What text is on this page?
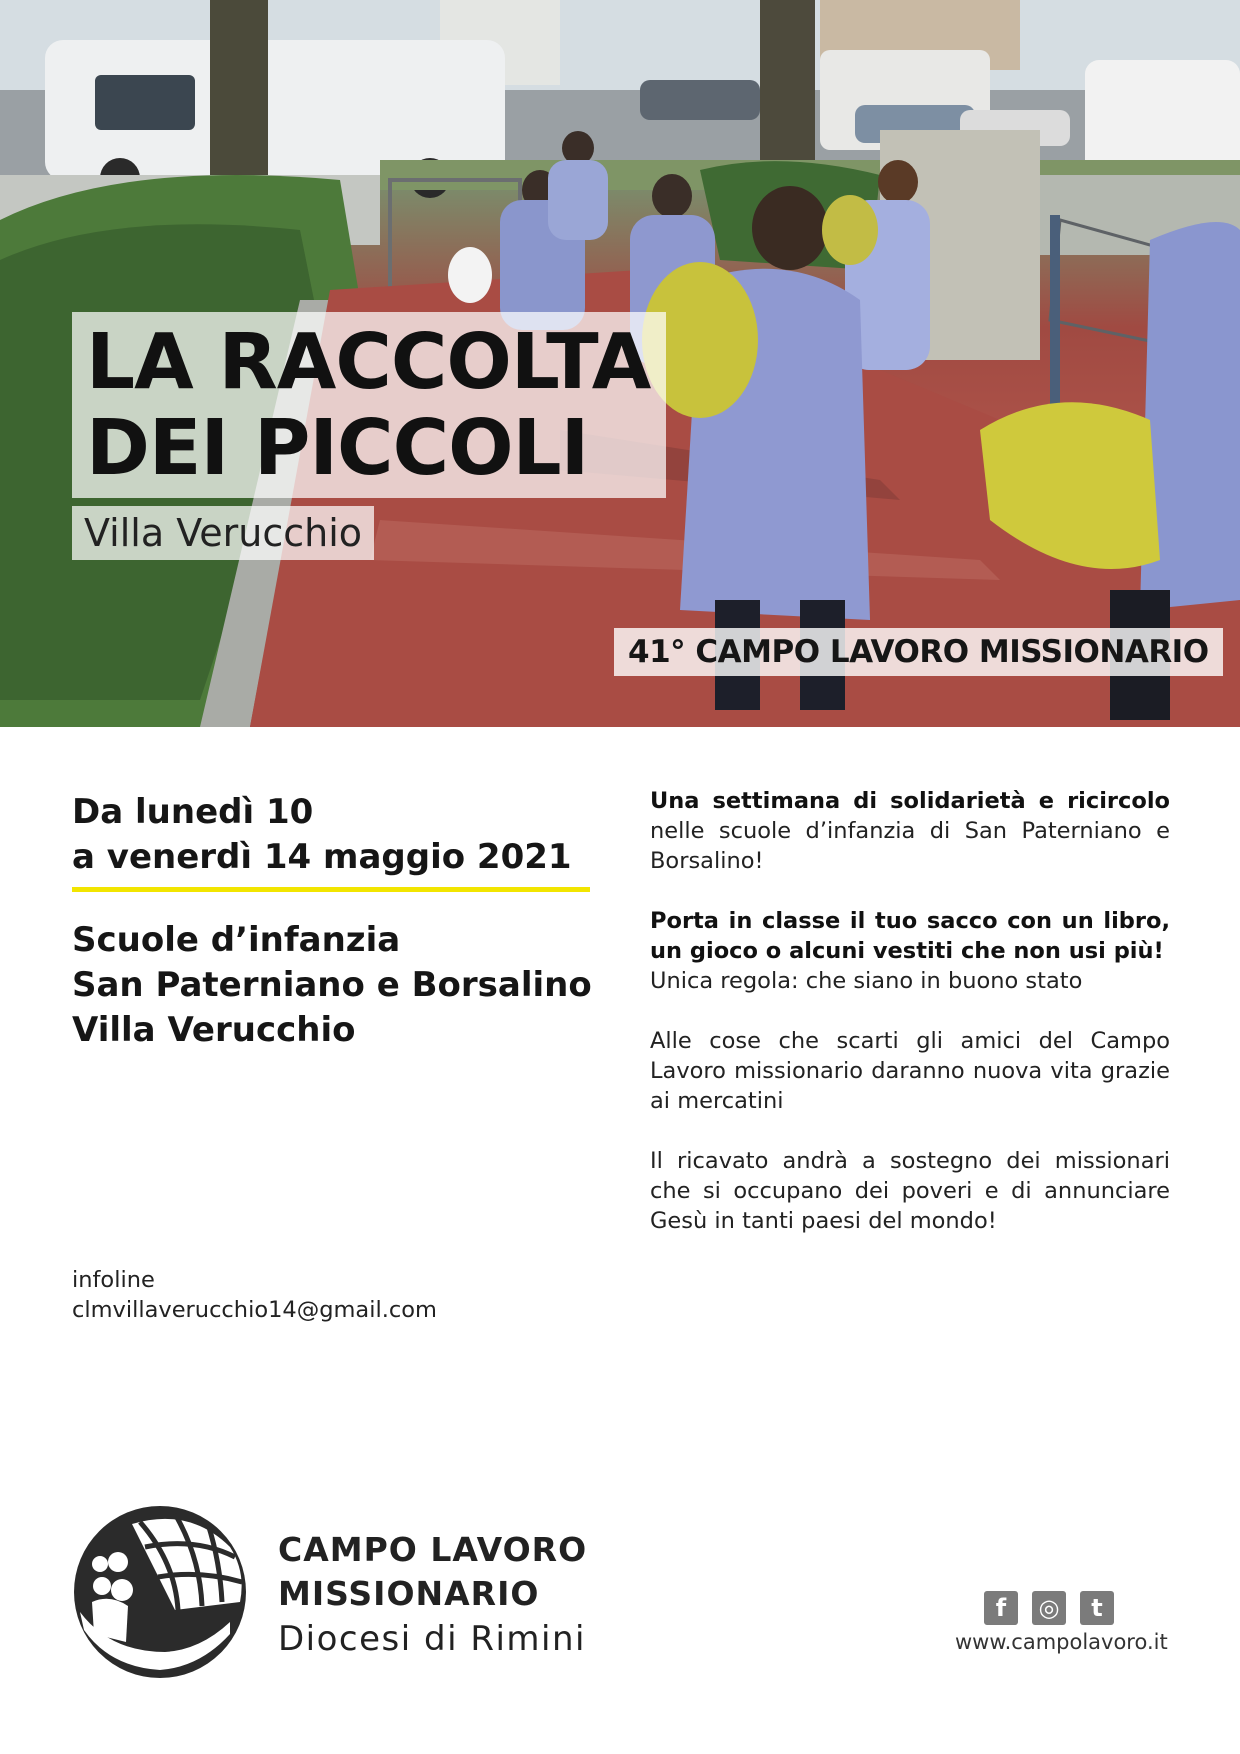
LA RACCOLTA
DEI PICCOLI
Villa Verucchio
41° CAMPO LAVORO MISSIONARIO
Da lunedì 10
a venerdì 14 maggio 2021
Scuole d’infanzia
San Paterniano e Borsalino
Villa Verucchio

Una settimana di solidarietà e ricircolo nelle scuole d’infanzia di San Paterniano e Borsalino!

Porta in classe il tuo sacco con un libro, un gioco o alcuni vestiti che non usi più!
Unica regola: che siano in buono stato

Alle cose che scarti gli amici del Campo Lavoro missionario daranno nuova vita grazie ai mercatini

Il ricavato andrà a sostegno dei missionari che si occupano dei poveri e di annunciare Gesù in tanti paesi del mondo!

infoline
clmvillaverucchio14@gmail.com
CAMPO LAVORO
MISSIONARIO
Diocesi di Rimini
f	◎	t
www.campolavoro.it
